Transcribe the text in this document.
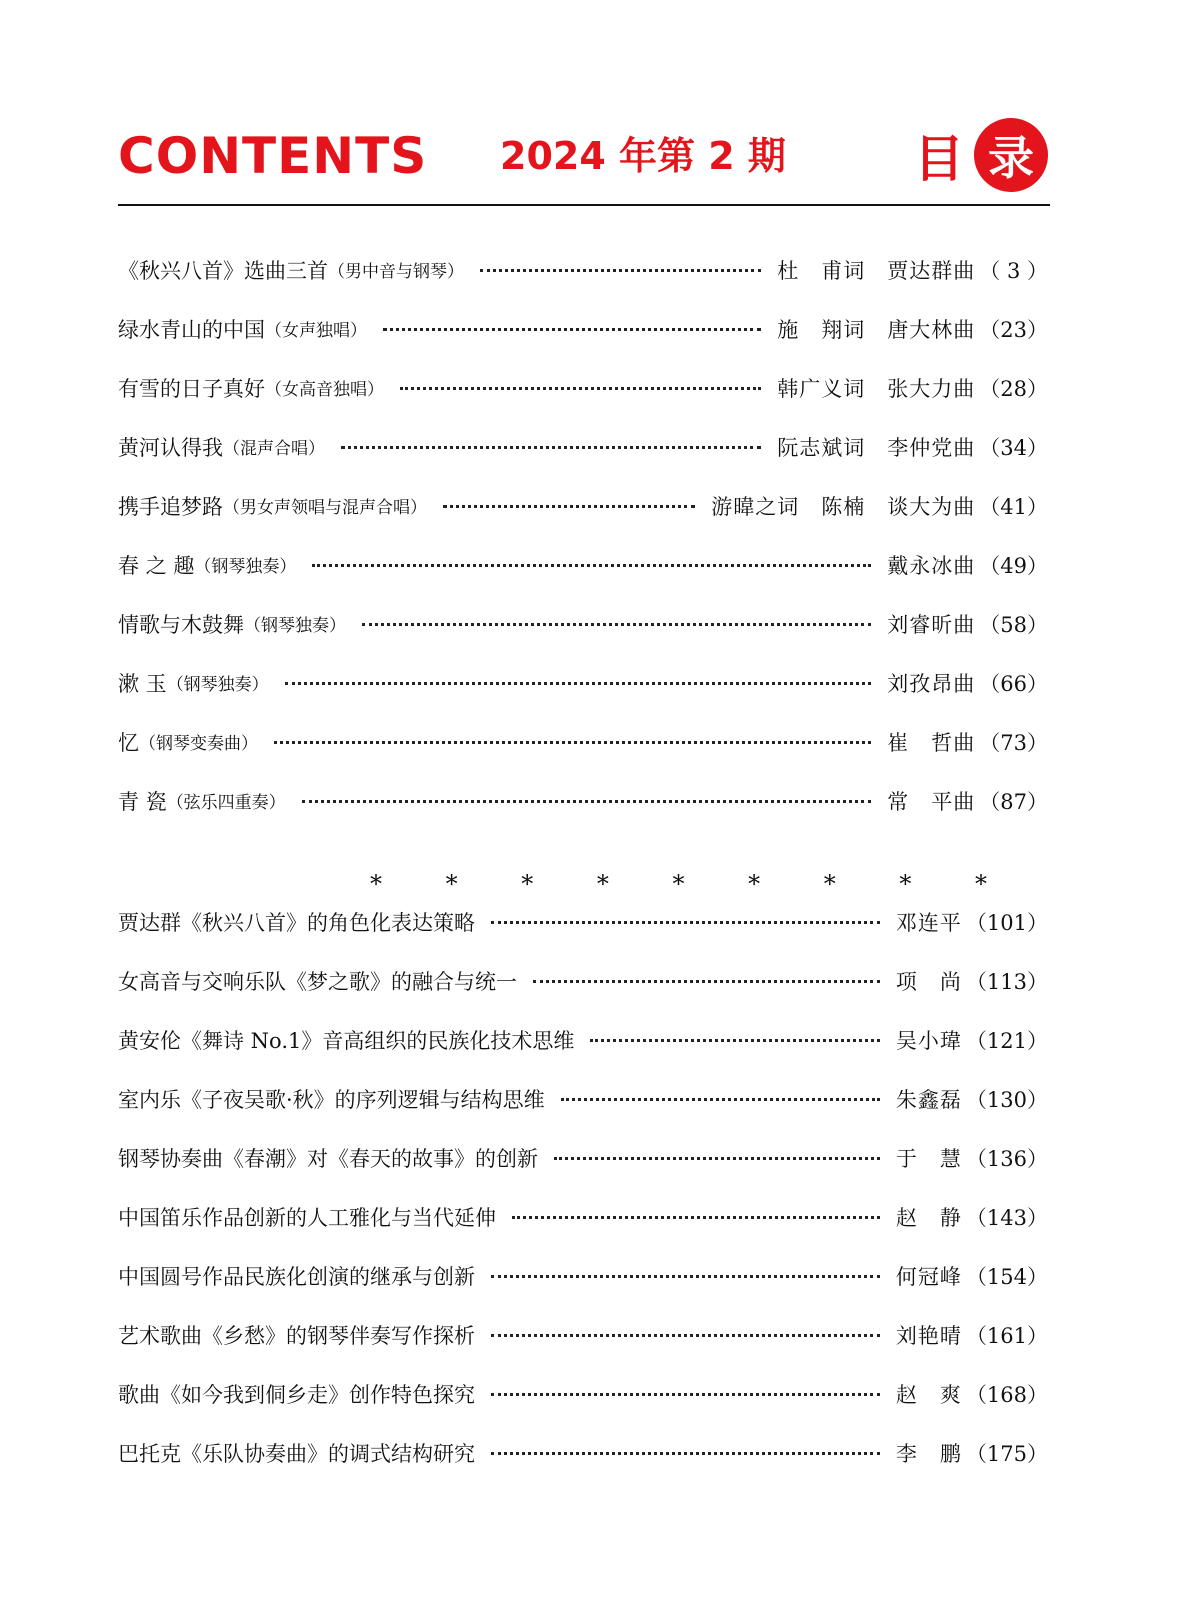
CONTENTS 2024 年第 2 期	目 录
《秋兴八首》选曲三首 （男中音与钢琴）	杜　甫词　贾达群曲 （ 3 ）
绿水青山的中国 （女声独唱）	施　翔词　唐大林曲 （23）
有雪的日子真好 （女高音独唱）	韩广义词　张大力曲 （28）
黄河认得我 （混声合唱）	阮志斌词　李仲党曲 （34）
携手追梦路 （男女声领唱与混声合唱）	游暐之词　陈楠　谈大为曲 （41）
春 之 趣 （钢琴独奏）	戴永冰曲 （49）
情歌与木鼓舞 （钢琴独奏）	刘睿昕曲 （58）
漱 玉 （钢琴独奏）	刘孜昂曲 （66）
忆 （钢琴变奏曲）	崔　哲曲 （73）
青 瓷 （弦乐四重奏）	常　平曲 （87）
* * * * * * * * *
贾达群《秋兴八首》的角色化表达策略	邓连平 （101）
女高音与交响乐队《梦之歌》的融合与统一	项　尚 （113）
黄安伦《舞诗 No.1》音高组织的民族化技术思维	吴小瑋 （121）
室内乐《子夜吴歌·秋》的序列逻辑与结构思维	朱鑫磊 （130）
钢琴协奏曲《春潮》对《春天的故事》的创新	于　慧 （136）
中国笛乐作品创新的人工雅化与当代延伸	赵　静 （143）
中国圆号作品民族化创演的继承与创新	何冠峰 （154）
艺术歌曲《乡愁》的钢琴伴奏写作探析	刘艳晴 （161）
歌曲《如今我到侗乡走》创作特色探究	赵　爽 （168）
巴托克《乐队协奏曲》的调式结构研究	李　鹏 （175）
